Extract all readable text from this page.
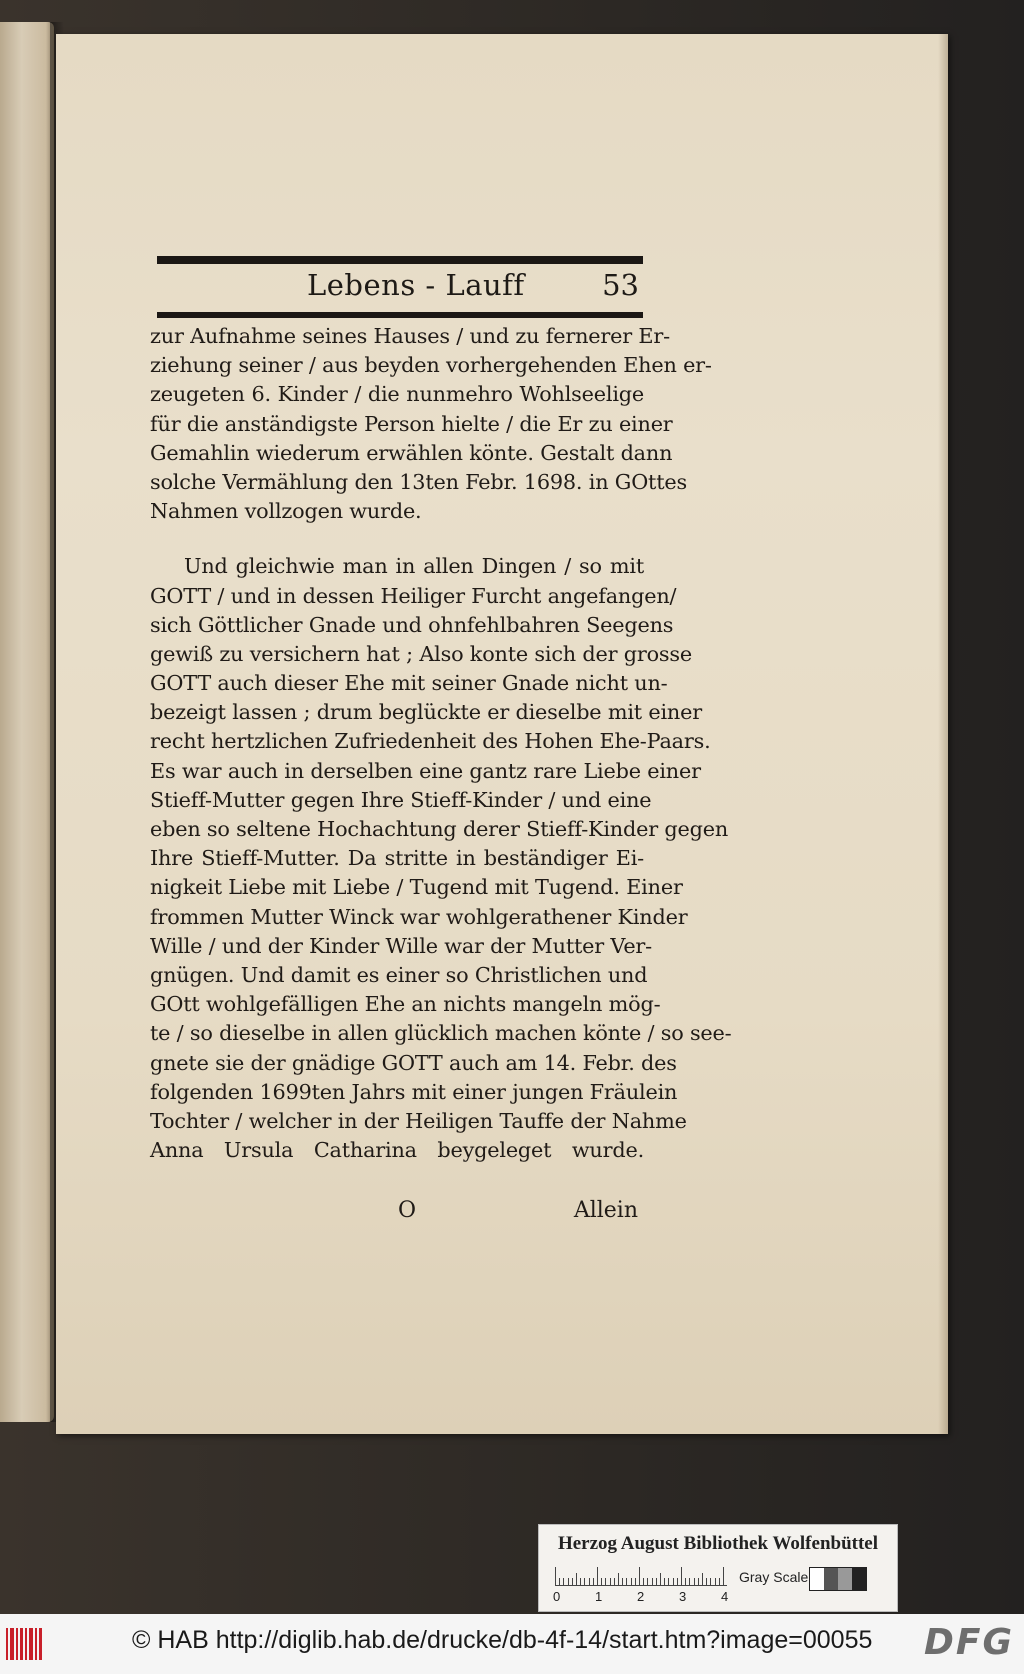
Lebens - Lauff	53

zur Aufnahme seines Hauses / und zu fernerer Er-

ziehung seiner / aus beyden vorhergehenden Ehen er-

zeugeten 6. Kinder / die nunmehro Wohlseelige

für die anständigste Person hielte / die Er zu einer

Gemahlin wiederum erwählen könte. Gestalt dann

solche Vermählung den 13ten Febr. 1698. in GOttes

Nahmen vollzogen wurde.

Und gleichwie man in allen Dingen / so mit

GOTT / und in dessen Heiliger Furcht angefangen/

sich Göttlicher Gnade und ohnfehlbahren Seegens

gewiß zu versichern hat ; Also konte sich der grosse

GOTT auch dieser Ehe mit seiner Gnade nicht un-

bezeigt lassen ; drum beglückte er dieselbe mit einer

recht hertzlichen Zufriedenheit des Hohen Ehe-Paars.

Es war auch in derselben eine gantz rare Liebe einer

Stieff-Mutter gegen Ihre Stieff-Kinder / und eine

eben so seltene Hochachtung derer Stieff-Kinder gegen

Ihre Stieff-Mutter. Da stritte in beständiger Ei-

nigkeit Liebe mit Liebe / Tugend mit Tugend. Einer

frommen Mutter Winck war wohlgerathener Kinder

Wille / und der Kinder Wille war der Mutter Ver-

gnügen. Und damit es einer so Christlichen und

GOtt wohlgefälligen Ehe an nichts mangeln mög-

te / so dieselbe in allen glücklich machen könte / so see-

gnete sie der gnädige GOTT auch am 14. Febr. des

folgenden 1699ten Jahrs mit einer jungen Fräulein

Tochter / welcher in der Heiligen Tauffe der Nahme

Anna Ursula Catharina beygeleget wurde.

O	Allein
Herzog August Bibliothek Wolfenbüttel
0	1	2	3	4
Gray Scale
© HAB http://diglib.hab.de/drucke/db-4f-14/start.htm?image=00055 DFG
